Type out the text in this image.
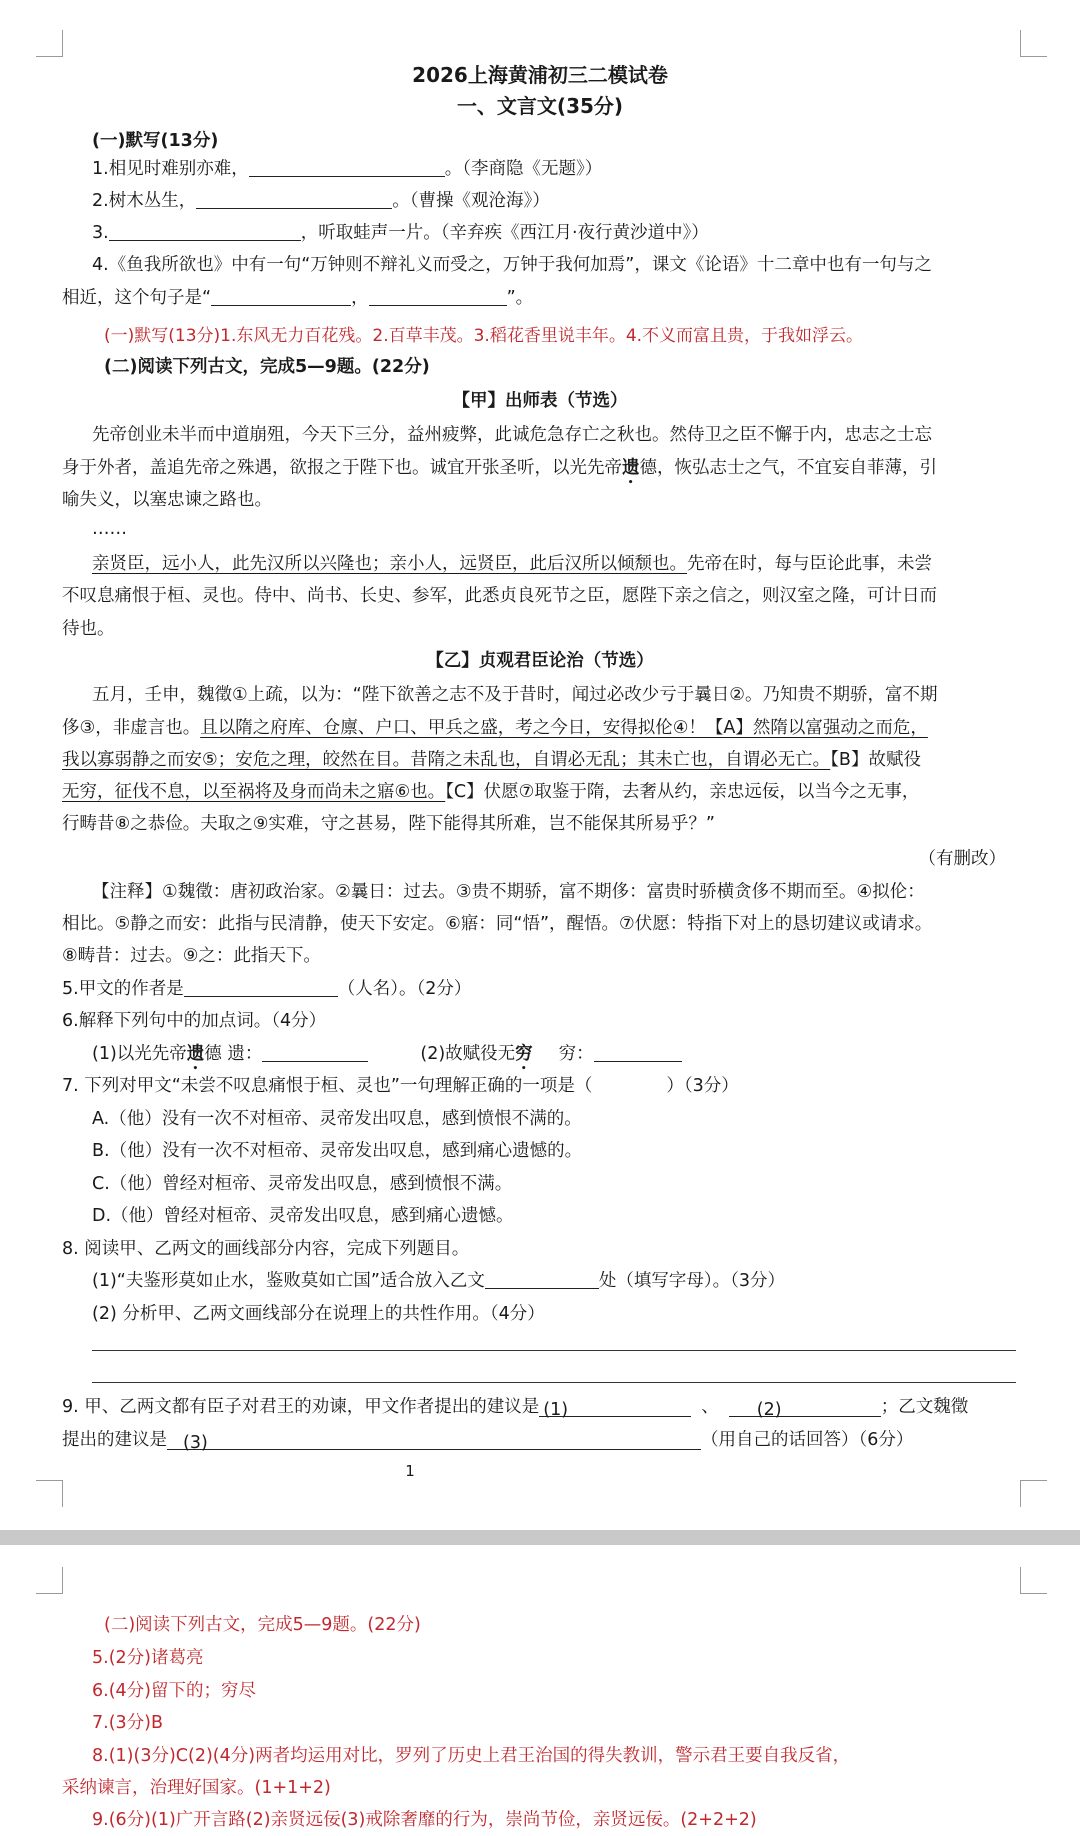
2026上海黄浦初三二模试卷
一、文言文(35分)
(一)默写(13分)
1.相见时难别亦难，	。（李商隐《无题》）
2.树木丛生，	。（曹操《观沧海》）
3.	，听取蛙声一片。（辛弃疾《西江月·夜行黄沙道中》）
4.《鱼我所欲也》中有一句“万钟则不辩礼义而受之，万钟于我何加焉”，课文《论语》十二章中也有一句与之
相近，这个句子是“	，	”。
(一)默写(13分)1.东风无力百花残。2.百草丰茂。3.稻花香里说丰年。4.不义而富且贵，于我如浮云。
(二)阅读下列古文，完成5—9题。(22分)
【甲】出师表（节选）
先帝创业未半而中道崩殂，今天下三分，益州疲弊，此诚危急存亡之秋也。然侍卫之臣不懈于内，忠志之士忘
身于外者，盖追先帝之殊遇，欲报之于陛下也。诚宜开张圣听，以光先帝遗德，恢弘志士之气，不宜妄自菲薄，引
喻失义，以塞忠谏之路也。
……
亲贤臣，远小人，此先汉所以兴隆也；亲小人，远贤臣，此后汉所以倾颓也。先帝在时，每与臣论此事，未尝
不叹息痛恨于桓、灵也。侍中、尚书、长史、参军，此悉贞良死节之臣，愿陛下亲之信之，则汉室之隆，可计日而
待也。
【乙】贞观君臣论治（节选）
五月，壬申，魏徵①上疏，以为：“陛下欲善之志不及于昔时，闻过必改少亏于曩日②。乃知贵不期骄，富不期
侈③，非虚言也。且以隋之府库、仓廪、户口、甲兵之盛，考之今日，安得拟伦④！【A】然隋以富强动之而危，
我以寡弱静之而安⑤；安危之理，皎然在目。昔隋之未乱也，自谓必无乱；其未亡也，自谓必无亡。【B】故赋役
无穷，征伐不息，以至祸将及身而尚未之寤⑥也。【C】伏愿⑦取鉴于隋，去奢从约，亲忠远佞，以当今之无事，
行畴昔⑧之恭俭。夫取之⑨实难，守之甚易，陛下能得其所难，岂不能保其所易乎？”
（有删改）
【注释】①魏徵：唐初政治家。②曩日：过去。③贵不期骄，富不期侈：富贵时骄横贪侈不期而至。④拟伦：
相比。⑤静之而安：此指与民清静，使天下安定。⑥寤：同“悟”，醒悟。⑦伏愿：特指下对上的恳切建议或请求。
⑧畴昔：过去。⑨之：此指天下。
5.甲文的作者是	（人名）。（2分）
6.解释下列句中的加点词。（4分）
(1)以光先帝遗德 遗：	(2)故赋役无穷 穷：
7. 下列对甲文“未尝不叹息痛恨于桓、灵也”一句理解正确的一项是（	）（3分）
A.（他）没有一次不对桓帝、灵帝发出叹息，感到愤恨不满的。
B.（他）没有一次不对桓帝、灵帝发出叹息，感到痛心遗憾的。
C.（他）曾经对桓帝、灵帝发出叹息，感到愤恨不满。
D.（他）曾经对桓帝、灵帝发出叹息，感到痛心遗憾。
8. 阅读甲、乙两文的画线部分内容，完成下列题目。
(1)“夫鉴形莫如止水，鉴败莫如亡国”适合放入乙文	处（填写字母）。（3分）
(2) 分析甲、乙两文画线部分在说理上的共性作用。（4分）
9. 甲、乙两文都有臣子对君王的劝谏，甲文作者提出的建议是 (1)	、 (2)	；乙文魏徵
提出的建议是 (3)	（用自己的话回答）（6分）
1
(二)阅读下列古文，完成5—9题。(22分)
5.(2分)诸葛亮
6.(4分)留下的；穷尽
7.(3分)B
8.(1)(3分)C(2)(4分)两者均运用对比，罗列了历史上君王治国的得失教训，警示君王要自我反省，
采纳谏言，治理好国家。(1+1+2)
9.(6分)(1)广开言路(2)亲贤远佞(3)戒除奢靡的行为，崇尚节俭，亲贤远佞。(2+2+2)
